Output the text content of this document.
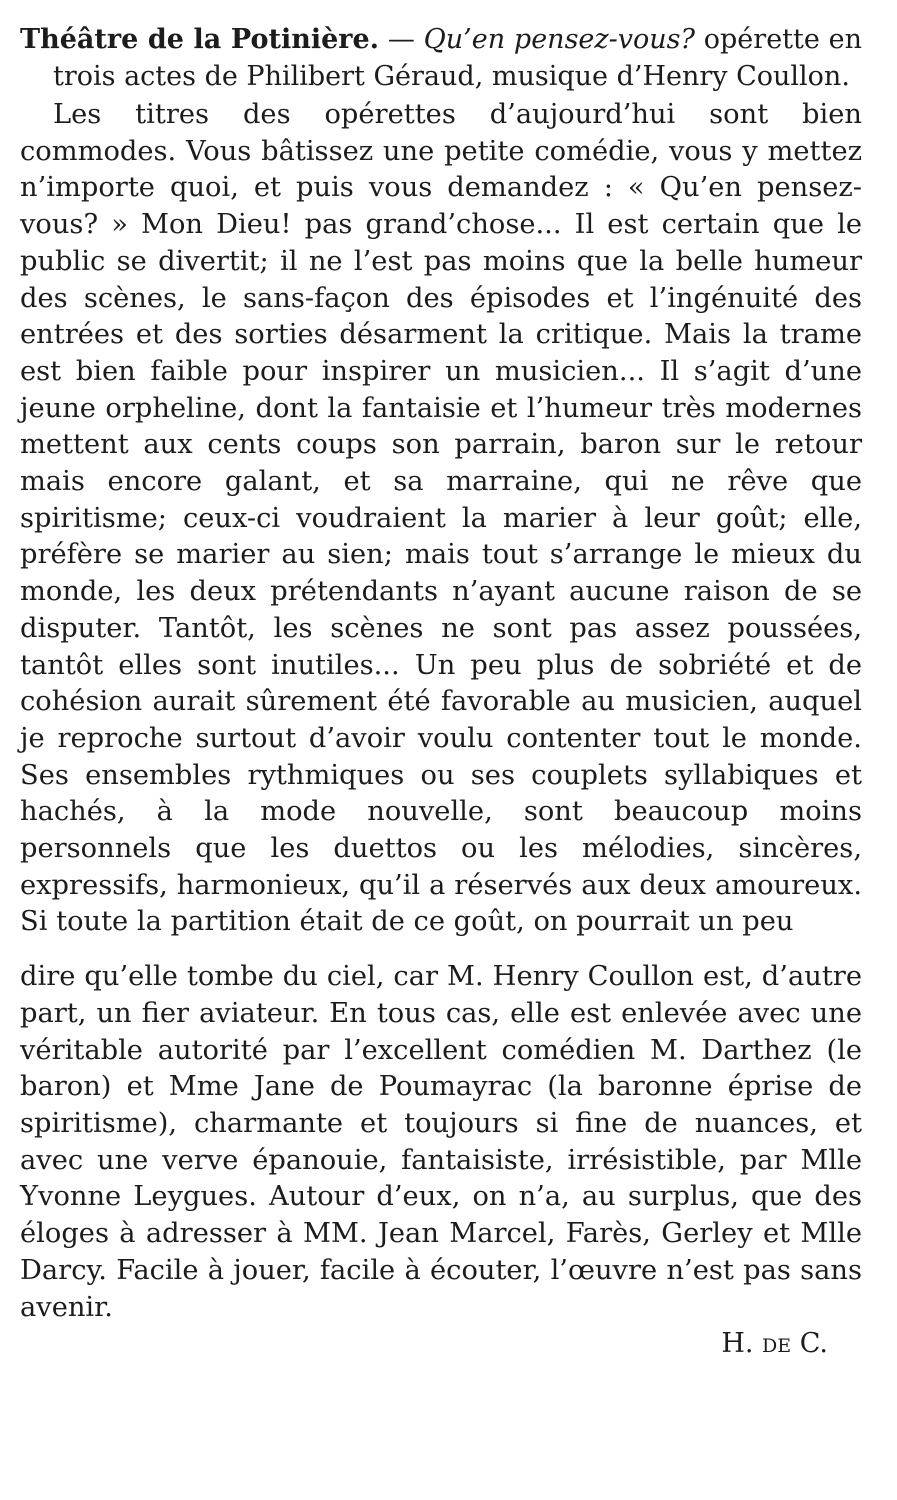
Théâtre de la Potinière. — Qu’en pensez-vous? opérette en trois actes de Philibert Géraud, musique d’Henry Coullon.

Les titres des opérettes d’aujourd’hui sont bien commodes. Vous bâtissez une petite comédie, vous y mettez n’importe quoi, et puis vous demandez : « Qu’en pensez-vous? » Mon Dieu! pas grand’chose... Il est certain que le public se divertit; il ne l’est pas moins que la belle humeur des scènes, le sans-façon des épisodes et l’ingénuité des entrées et des sorties désarment la critique. Mais la trame est bien faible pour inspirer un musicien... Il s’agit d’une jeune orpheline, dont la fantaisie et l’humeur très modernes mettent aux cents coups son parrain, baron sur le retour mais encore galant, et sa marraine, qui ne rêve que spiritisme; ceux-ci voudraient la marier à leur goût; elle, préfère se marier au sien; mais tout s’arrange le mieux du monde, les deux prétendants n’ayant aucune raison de se disputer. Tantôt, les scènes ne sont pas assez poussées, tantôt elles sont inutiles... Un peu plus de sobriété et de cohésion aurait sûrement été favorable au musicien, auquel je reproche surtout d’avoir voulu contenter tout le monde. Ses ensembles rythmiques ou ses couplets syllabiques et hachés, à la mode nouvelle, sont beaucoup moins personnels que les duettos ou les mélodies, sincères, expressifs, harmonieux, qu’il a réservés aux deux amoureux. Si toute la partition était de ce goût, on pourrait un peu

dire qu’elle tombe du ciel, car M. Henry Coullon est, d’autre part, un fier aviateur. En tous cas, elle est enlevée avec une véritable autorité par l’excellent comédien M. Darthez (le baron) et Mme Jane de Poumayrac (la baronne éprise de spiritisme), charmante et toujours si fine de nuances, et avec une verve épanouie, fantaisiste, irrésistible, par Mlle Yvonne Leygues. Autour d’eux, on n’a, au surplus, que des éloges à adresser à MM. Jean Marcel, Farès, Gerley et Mlle Darcy. Facile à jouer, facile à écouter, l’œuvre n’est pas sans avenir.

H. de C.
